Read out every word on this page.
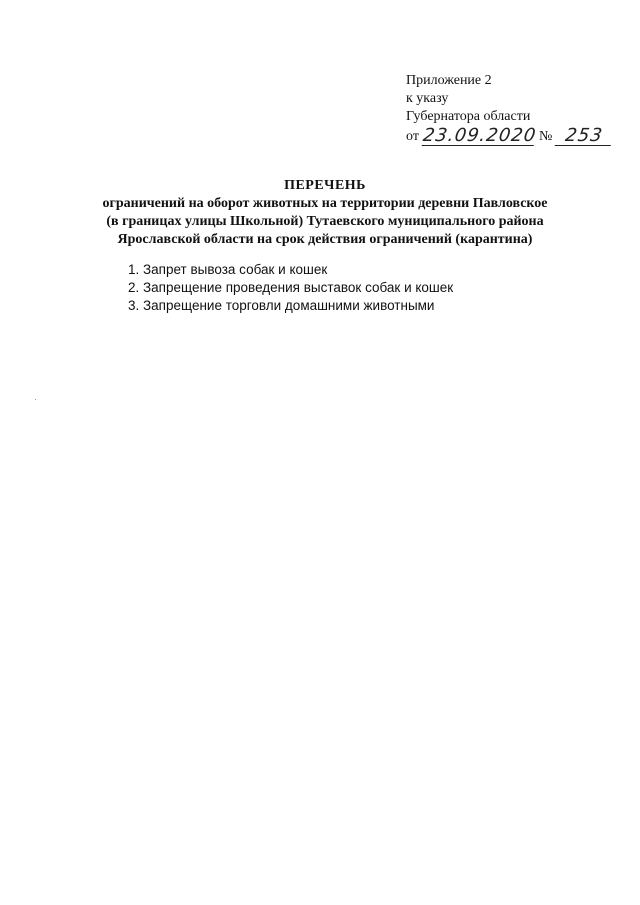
Приложение 2
к указу
Губернатора области
от 23.09.2020 № 253
ПЕРЕЧЕНЬ
ограничений на оборот животных на территории деревни Павловское
(в границах улицы Школьной) Тутаевского муниципального района
Ярославской области на срок действия ограничений (карантина)
1. Запрет вывоза собак и кошек
2. Запрещение проведения выставок собак и кошек
3. Запрещение торговли домашними животными
